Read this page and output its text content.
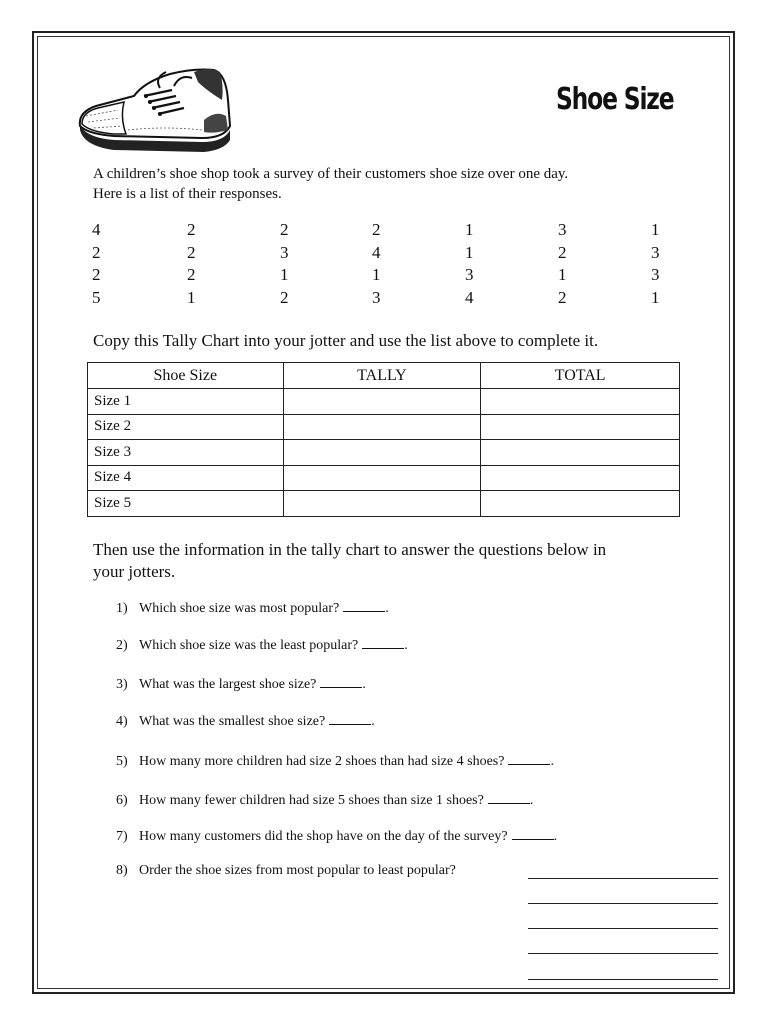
Shoe Size

A children’s shoe shop took a survey of their customers shoe size over one day.

Here is a list of their responses.

4	2	2	2	1	3	1
2	2	3	4	1	2	3
2	2	1	1	3	1	3
5	1	2	3	4	2	1
Copy this Tally Chart into your jotter and use the list above to complete it.
Shoe Size	TALLY	TOTAL
Size 1		
Size 2		
Size 3		
Size 4		
Size 5		

Then use the information in the tally chart to answer the questions below in

your jotters.

1) Which shoe size was most popular?	.
2) Which shoe size was the least popular?	.
3) What was the largest shoe size?	.
4) What was the smallest shoe size?	.
5) How many more children had size 2 shoes than had size 4 shoes?	.
6) How many fewer children had size 5 shoes than size 1 shoes?	.
7) How many customers did the shop have on the day of the survey?	.
8) Order the shoe sizes from most popular to least popular?
